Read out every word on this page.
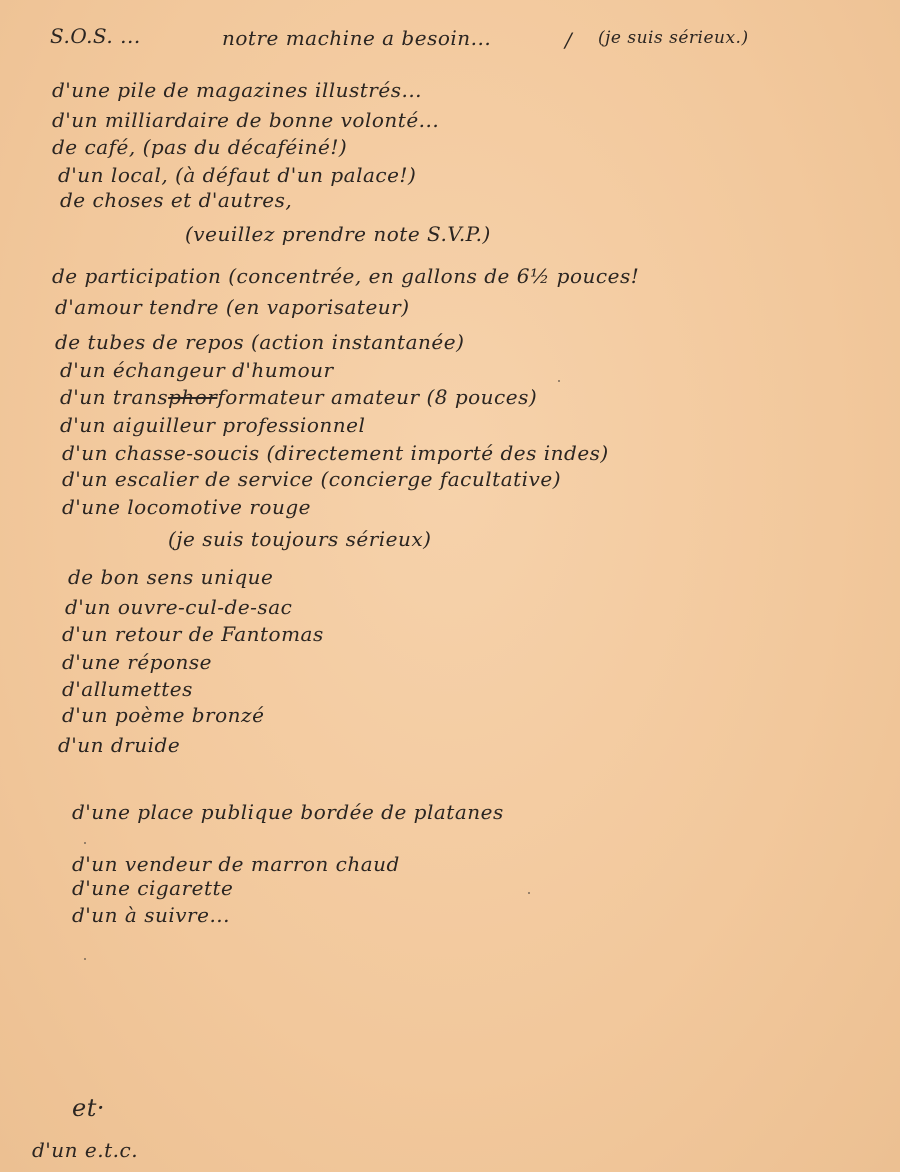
S.O.S. ...	notre machine a besoin...	/ (je suis sérieux.)
d'une pile de magazines illustrés...
d'un milliardaire de bonne volonté...
de café, (pas du décaféiné!)
d'un local, (à défaut d'un palace!)
de choses et d'autres,
(veuillez prendre note S.V.P.)
de participation (concentrée, en gallons de 6½ pouces!
d'amour tendre (en vaporisateur)
de tubes de repos (action instantanée)
d'un échangeur d'humour
d'un transphorformateur amateur (8 pouces)
d'un aiguilleur professionnel
d'un chasse-soucis (directement importé des indes)
d'un escalier de service (concierge facultative)
d'une locomotive rouge
(je suis toujours sérieux)
de bon sens unique
d'un ouvre-cul-de-sac
d'un retour de Fantomas
d'une réponse
d'allumettes
d'un poème bronzé
d'un druide
d'une place publique bordée de platanes
d'un vendeur de marron chaud
d'une cigarette
d'un à suivre...
et·
d'un e.t.c.
